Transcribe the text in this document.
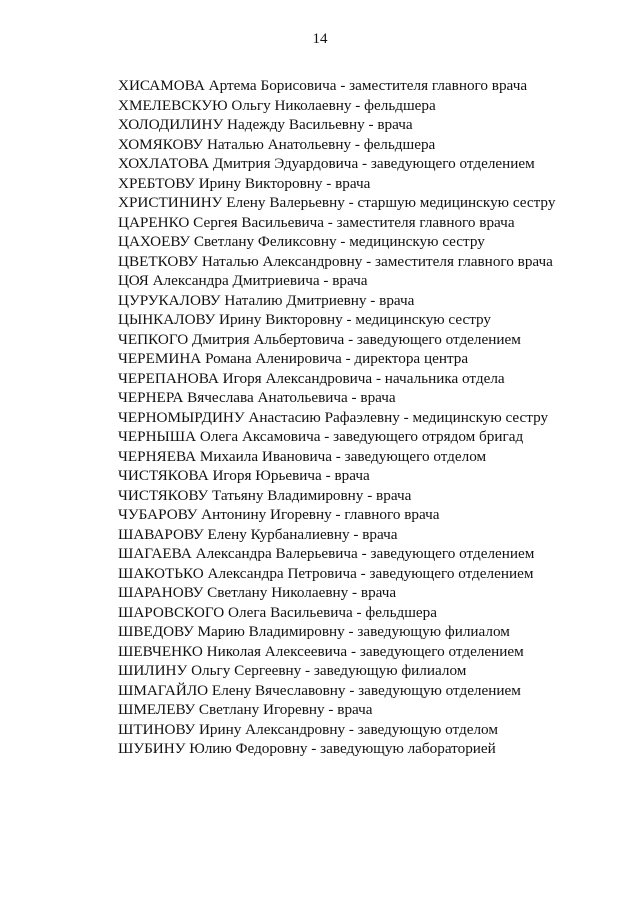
14
ХИСАМОВА Артема Борисовича - заместителя главного врача
ХМЕЛЕВСКУЮ Ольгу Николаевну - фельдшера
ХОЛОДИЛИНУ Надежду Васильевну - врача
ХОМЯКОВУ Наталью Анатольевну - фельдшера
ХОХЛАТОВА Дмитрия Эдуардовича - заведующего отделением
ХРЕБТОВУ Ирину Викторовну - врача
ХРИСТИНИНУ Елену Валерьевну - старшую медицинскую сестру
ЦАРЕНКО Сергея Васильевича - заместителя главного врача
ЦАХОЕВУ Светлану Феликсовну - медицинскую сестру
ЦВЕТКОВУ Наталью Александровну - заместителя главного врача
ЦОЯ Александра Дмитриевича - врача
ЦУРУКАЛОВУ Наталию Дмитриевну - врача
ЦЫНКАЛОВУ Ирину Викторовну - медицинскую сестру
ЧЕПКОГО Дмитрия Альбертовича - заведующего отделением
ЧЕРЕМИНА Романа Аленировича - директора центра
ЧЕРЕПАНОВА Игоря Александровича - начальника отдела
ЧЕРНЕРА Вячеслава Анатольевича - врача
ЧЕРНОМЫРДИНУ Анастасию Рафаэлевну - медицинскую сестру
ЧЕРНЫША Олега Аксамовича - заведующего отрядом бригад
ЧЕРНЯЕВА Михаила Ивановича - заведующего отделом
ЧИСТЯКОВА Игоря Юрьевича - врача
ЧИСТЯКОВУ Татьяну Владимировну - врача
ЧУБАРОВУ Антонину Игоревну - главного врача
ШАВАРОВУ Елену Курбаналиевну - врача
ШАГАЕВА Александра Валерьевича - заведующего отделением
ШАКОТЬКО Александра Петровича - заведующего отделением
ШАРАНОВУ Светлану Николаевну - врача
ШАРОВСКОГО Олега Васильевича - фельдшера
ШВЕДОВУ Марию Владимировну - заведующую филиалом
ШЕВЧЕНКО Николая Алексеевича - заведующего отделением
ШИЛИНУ Ольгу Сергеевну - заведующую филиалом
ШМАГАЙЛО Елену Вячеславовну - заведующую отделением
ШМЕЛЕВУ Светлану Игоревну - врача
ШТИНОВУ Ирину Александровну - заведующую отделом
ШУБИНУ Юлию Федоровну - заведующую лабораторией
